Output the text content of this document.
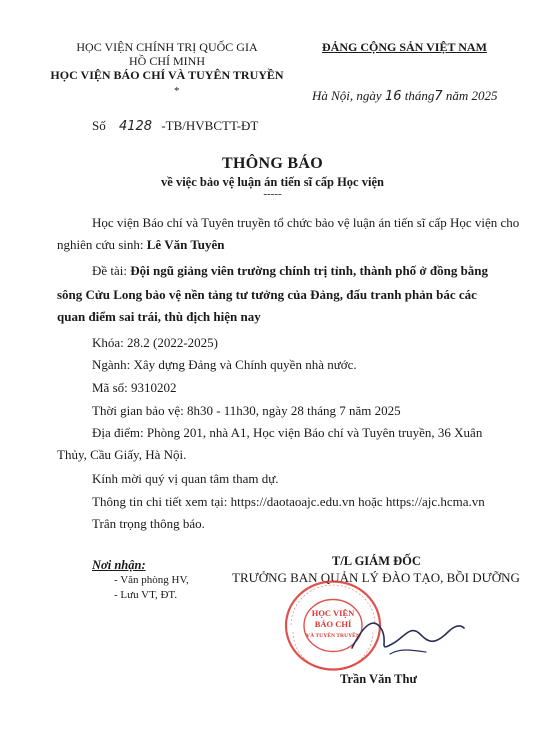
HỌC VIỆN CHÍNH TRỊ QUỐC GIA
HỒ CHÍ MINH
HỌC VIỆN BÁO CHÍ VÀ TUYÊN TRUYỀN
*
ĐẢNG CỘNG SẢN VIỆT NAM
Hà Nội, ngày 16 tháng7 năm 2025
Số 4128 -TB/HVBCTT-ĐT
THÔNG BÁO
về việc bảo vệ luận án tiến sĩ cấp Học viện
-----
Học viện Báo chí và Tuyên truyền tổ chức bảo vệ luận án tiến sĩ cấp Học viện cho
nghiên cứu sinh: Lê Văn Tuyên
Đề tài: Đội ngũ giảng viên trường chính trị tỉnh, thành phố ở đồng bằng
sông Cửu Long bảo vệ nền tảng tư tưởng của Đảng, đấu tranh phản bác các
quan điểm sai trái, thù địch hiện nay
Khóa: 28.2 (2022-2025)
Ngành: Xây dựng Đảng và Chính quyền nhà nước.
Mã số: 9310202
Thời gian bảo vệ: 8h30 - 11h30, ngày 28 tháng 7 năm 2025
Địa điểm: Phòng 201, nhà A1, Học viện Báo chí và Tuyên truyền, 36 Xuân
Thủy, Cầu Giấy, Hà Nội.
Kính mời quý vị quan tâm tham dự.
Thông tin chi tiết xem tại: https://daotaoajc.edu.vn hoặc https://ajc.hcma.vn
Trân trọng thông báo.
Nơi nhận:
- Văn phòng HV,
- Lưu VT, ĐT.
T/L GIÁM ĐỐC
TRƯỞNG BAN QUẢN LÝ ĐÀO TẠO, BỒI DƯỠNG
HỌC VIỆN
BÁO CHÍ
VÀ TUYÊN TRUYỀN
Trần Văn Thư
